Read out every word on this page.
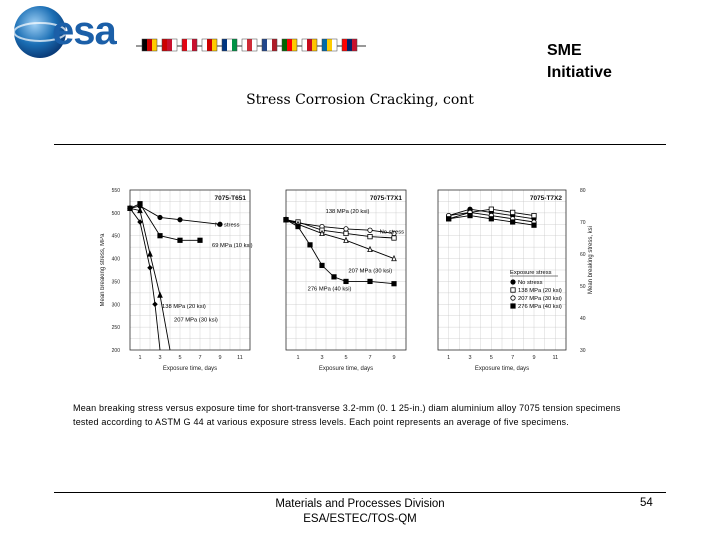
esa	SME
Initiative
Stress Corrosion Cracking, cont
1	3	5	7	9	11
Exposure time, days
550
500
450
400
350
300
250
200
Mean breaking stress, MPa
7075-T651
No stress
69 MPa (10 ksi)
138 MPa (20 ksi)
207 MPa (30 ksi)
1	3	5	7	9
Exposure time, days
7075-T7X1
138 MPa (20 ksi)
No stress
207 MPa (30 ksi)
276 MPa (40 ksi)
1	3	5	7	9	11
Exposure time, days
80
70
60
50
40
30
Mean breaking stress, ksi
7075-T7X2
Exposure stress
No stress
138 MPa (20 ksi)
207 MPa (30 ksi)
276 MPa (40 ksi)
Mean breaking stress versus exposure time for short-transverse 3.2-mm (0. 1 25-in.) diam aluminium alloy 7075 tension specimens tested according to ASTM G 44 at various exposure stress levels. Each point represents an average of five specimens.
Materials and Processes Division
ESA/ESTEC/TOS-QM
54
